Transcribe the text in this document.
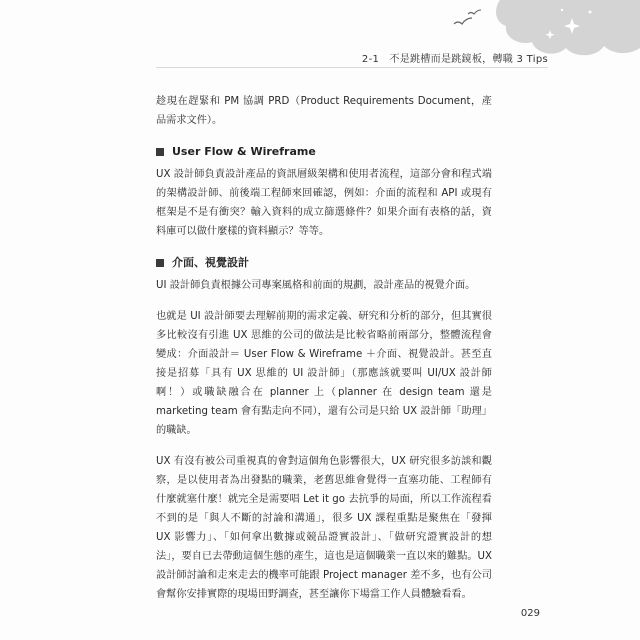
2-1　不是跳槽而是跳鏡板，轉職 3 Tips

趁現在趕緊和 PM 協調 PRD（Product Requirements Document，產品需求文件）。

User Flow & Wireframe

UX 設計師負責設計產品的資訊層級架構和使用者流程，這部分會和程式端的架構設計師、前後端工程師來回確認，例如：介面的流程和 API 或現有框架是不是有衝突？輸入資料的成立篩選條件？如果介面有表格的話，資料庫可以做什麼樣的資料顯示？等等。

介面、視覺設計

UI 設計師負責根據公司專案風格和前面的規劃，設計產品的視覺介面。

也就是 UI 設計師要去理解前期的需求定義、研究和分析的部分，但其實很多比較沒有引進 UX 思維的公司的做法是比較省略前兩部分，整體流程會變成：介面設計＝ User Flow & Wireframe ＋介面、視覺設計。甚至直接是招募「具有 UX 思維的 UI 設計師」（那應該就要叫 UI/UX 設計師啊！）或職缺融合在 planner 上（planner 在 design team 還是 marketing team 會有點走向不同），還有公司是只給 UX 設計師「助理」的職缺。

UX 有沒有被公司重視真的會對這個角色影響很大，UX 研究很多訪談和觀察，是以使用者為出發點的職業，老舊思維會覺得一直塞功能、工程師有什麼就塞什麼！就完全是需要唱 Let it go 去抗爭的局面，所以工作流程看不到的是「與人不斷的討論和溝通」，很多 UX 課程重點是聚焦在「發揮 UX 影響力」、「如何拿出數據或競品證實設計」、「做研究證實設計的想法」，要自已去帶動這個生態的產生，這也是這個職業一直以來的難點。UX 設計師討論和走來走去的機率可能跟 Project manager 差不多，也有公司會幫你安排實際的現場田野調查，甚至讓你下場當工作人員體驗看看。

029
